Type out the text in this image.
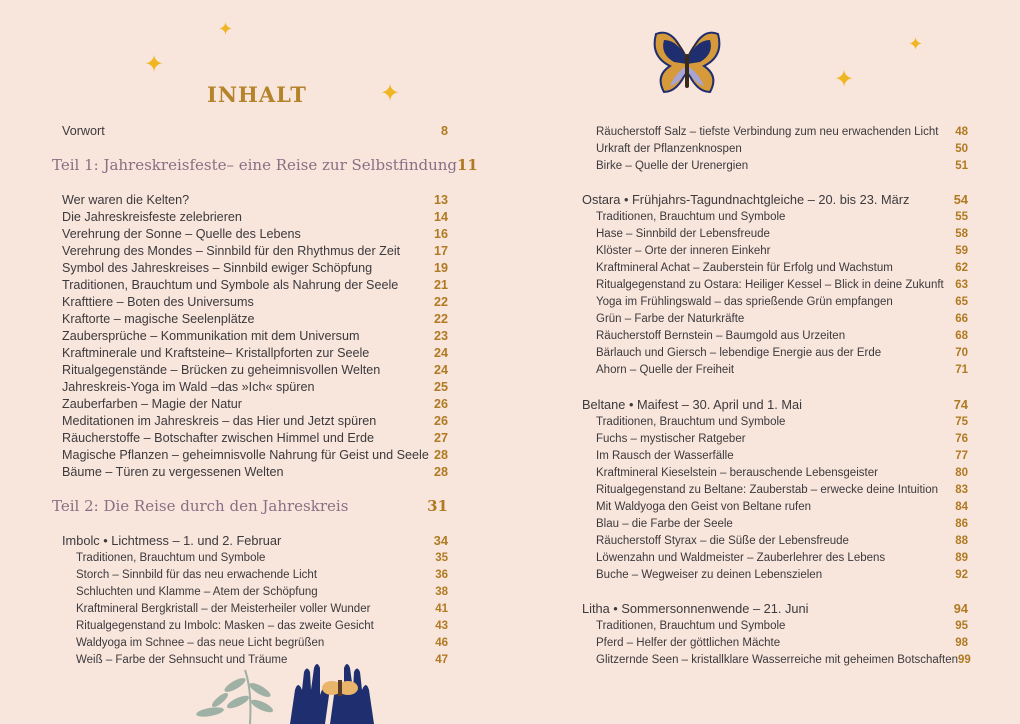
✦
✦
✦
INHALT
Vorwort	8
Teil 1: Jahreskreisfeste– eine Reise zur Selbstfindung 11
Wer waren die Kelten?	13
Die Jahreskreisfeste zelebrieren	14
Verehrung der Sonne – Quelle des Lebens	16
Verehrung des Mondes – Sinnbild für den Rhythmus der Zeit	17
Symbol des Jahreskreises – Sinnbild ewiger Schöpfung	19
Traditionen, Brauchtum und Symbole als Nahrung der Seele	21
Krafttiere – Boten des Universums	22
Kraftorte – magische Seelenplätze	22
Zaubersprüche – Kommunikation mit dem Universum	23
Kraftminerale und Kraftsteine– Kristallpforten zur Seele	24
Ritualgegenstände – Brücken zu geheimnisvollen Welten	24
Jahreskreis-Yoga im Wald –das »Ich« spüren	25
Zauberfarben – Magie der Natur	26
Meditationen im Jahreskreis – das Hier und Jetzt spüren	26
Räucherstoffe – Botschafter zwischen Himmel und Erde	27
Magische Pflanzen – geheimnisvolle Nahrung für Geist und Seele 28
Bäume – Türen zu vergessenen Welten	28
Teil 2: Die Reise durch den Jahreskreis	31
Imbolc • Lichtmess – 1. und 2. Februar	34
Traditionen, Brauchtum und Symbole	35
Storch – Sinnbild für das neu erwachende Licht	36
Schluchten und Klamme – Atem der Schöpfung	38
Kraftmineral Bergkristall – der Meisterheiler voller Wunder	41
Ritualgegenstand zu Imbolc: Masken – das zweite Gesicht	43
Waldyoga im Schnee – das neue Licht begrüßen	46
Weiß – Farbe der Sehnsucht und Träume	47
✦
✦
Räucherstoff Salz – tiefste Verbindung zum neu erwachenden Licht 48
Urkraft der Pflanzenknospen	50
Birke – Quelle der Urenergien	51
Ostara • Frühjahrs-Tagundnachtgleiche – 20. bis 23. März	54
Traditionen, Brauchtum und Symbole	55
Hase – Sinnbild der Lebensfreude	58
Klöster – Orte der inneren Einkehr	59
Kraftmineral Achat – Zauberstein für Erfolg und Wachstum	62
Ritualgegenstand zu Ostara: Heiliger Kessel – Blick in deine Zukunft 63
Yoga im Frühlingswald – das sprießende Grün empfangen	65
Grün – Farbe der Naturkräfte	66
Räucherstoff Bernstein – Baumgold aus Urzeiten	68
Bärlauch und Giersch – lebendige Energie aus der Erde	70
Ahorn – Quelle der Freiheit	71
Beltane • Maifest – 30. April und 1. Mai	74
Traditionen, Brauchtum und Symbole	75
Fuchs – mystischer Ratgeber	76
Im Rausch der Wasserfälle	77
Kraftmineral Kieselstein – berauschende Lebensgeister	80
Ritualgegenstand zu Beltane: Zauberstab – erwecke deine Intuition 83
Mit Waldyoga den Geist von Beltane rufen	84
Blau – die Farbe der Seele	86
Räucherstoff Styrax – die Süße der Lebensfreude	88
Löwenzahn und Waldmeister – Zauberlehrer des Lebens	89
Buche – Wegweiser zu deinen Lebenszielen	92
Litha • Sommersonnenwende – 21. Juni	94
Traditionen, Brauchtum und Symbole	95
Pferd – Helfer der göttlichen Mächte	98
Glitzernde Seen – kristallklare Wasserreiche mit geheimen Botschaften 99
